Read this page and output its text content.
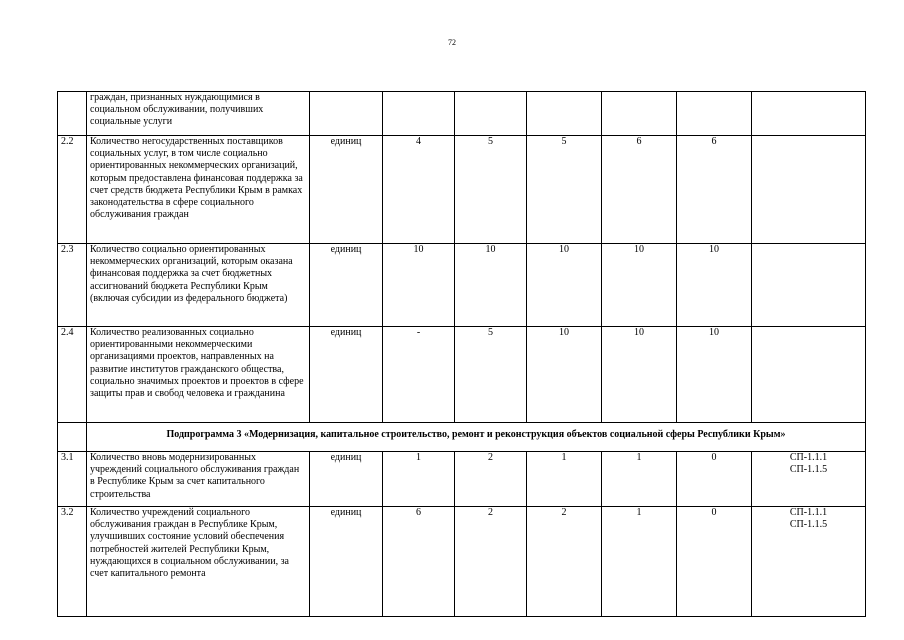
72
	граждан, признанных нуждающимися в социальном обслуживании, получивших социальные услуги							
2.2	Количество негосударственных поставщиков социальных услуг, в том числе социально ориентированных некоммерческих организаций, которым предоставлена финансовая поддержка за счет средств бюджета Республики Крым в рамках законодательства в сфере социального обслуживания граждан	единиц	4	5	5	6	6	
2.3	Количество социально ориентированных некоммерческих организаций, которым оказана финансовая поддержка за счет бюджетных ассигнований бюджета Республики Крым (включая субсидии из федерального бюджета)	единиц	10	10	10	10	10	
2.4	Количество реализованных социально ориентированными некоммерческими организациями проектов, направленных на развитие институтов гражданского общества, социально значимых проектов и проектов в сфере защиты прав и свобод человека и гражданина	единиц	-	5	10	10	10	
	Подпрограмма 3 «Модернизация, капитальное строительство, ремонт и реконструкция объектов социальной сферы Республики Крым»							
3.1	Количество вновь модернизированных учреждений социального обслуживания граждан в Республике Крым за счет капитального строительства	единиц	1	2	1	1	0	СП-1.1.1
СП-1.1.5

3.2	Количество учреждений социального обслуживания граждан в Республике Крым, улучшивших состояние условий обеспечения потребностей жителей Республики Крым, нуждающихся в социальном обслуживании, за счет капитального ремонта	единиц	6	2	2	1	0	СП-1.1.1
СП-1.1.5
